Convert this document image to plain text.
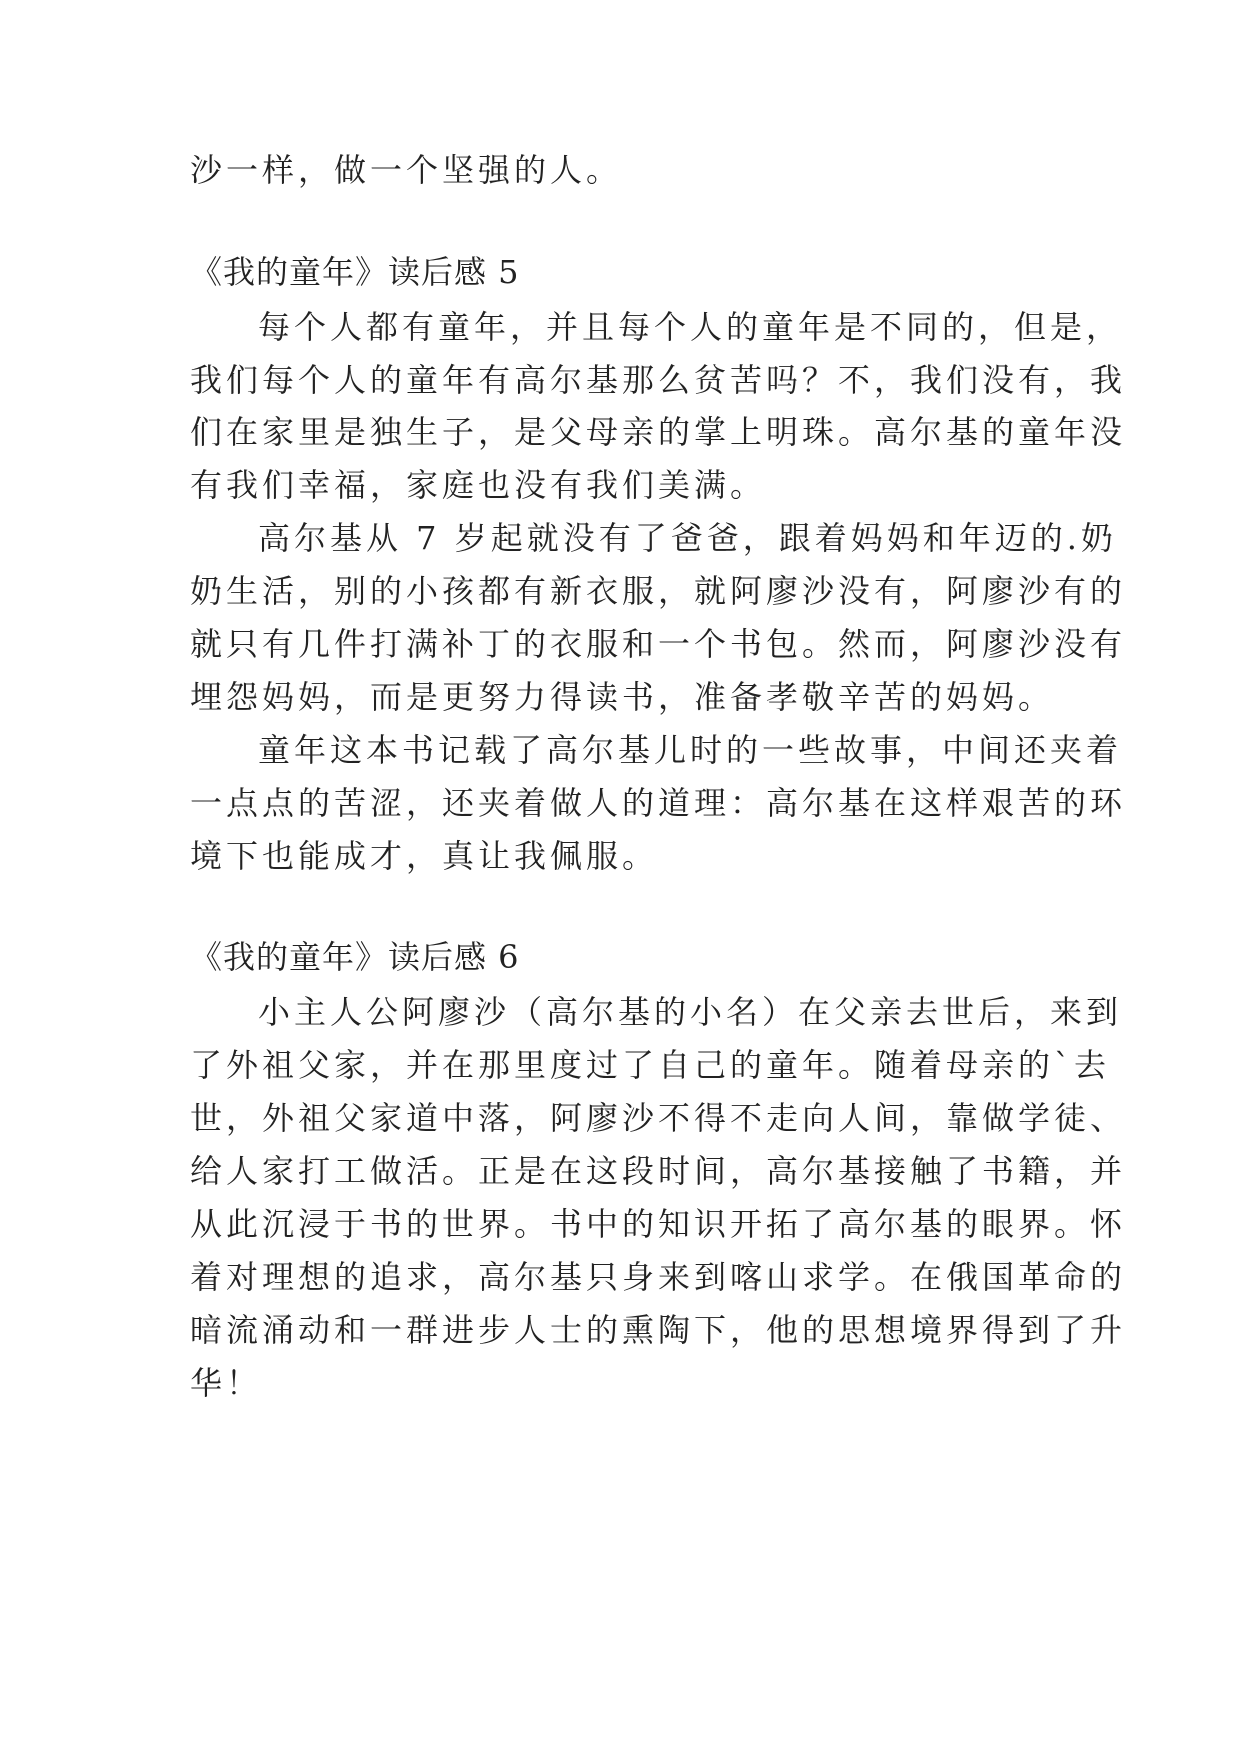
沙一样，做一个坚强的人。
《我的童年》读后感 5
每个人都有童年，并且每个人的童年是不同的，但是，
我们每个人的童年有高尔基那么贫苦吗？不，我们没有，我
们在家里是独生子，是父母亲的掌上明珠。高尔基的童年没
有我们幸福，家庭也没有我们美满。
高尔基从 7 岁起就没有了爸爸，跟着妈妈和年迈的.奶
奶生活，别的小孩都有新衣服，就阿廖沙没有，阿廖沙有的
就只有几件打满补丁的衣服和一个书包。然而，阿廖沙没有
埋怨妈妈，而是更努力得读书，准备孝敬辛苦的妈妈。
童年这本书记载了高尔基儿时的一些故事，中间还夹着
一点点的苦涩，还夹着做人的道理：高尔基在这样艰苦的环
境下也能成才，真让我佩服。
《我的童年》读后感 6
小主人公阿廖沙（高尔基的小名）在父亲去世后，来到
了外祖父家，并在那里度过了自己的童年。随着母亲的`去
世，外祖父家道中落，阿廖沙不得不走向人间，靠做学徒、
给人家打工做活。正是在这段时间，高尔基接触了书籍，并
从此沉浸于书的世界。书中的知识开拓了高尔基的眼界。怀
着对理想的追求，高尔基只身来到喀山求学。在俄国革命的
暗流涌动和一群进步人士的熏陶下，他的思想境界得到了升
华！
